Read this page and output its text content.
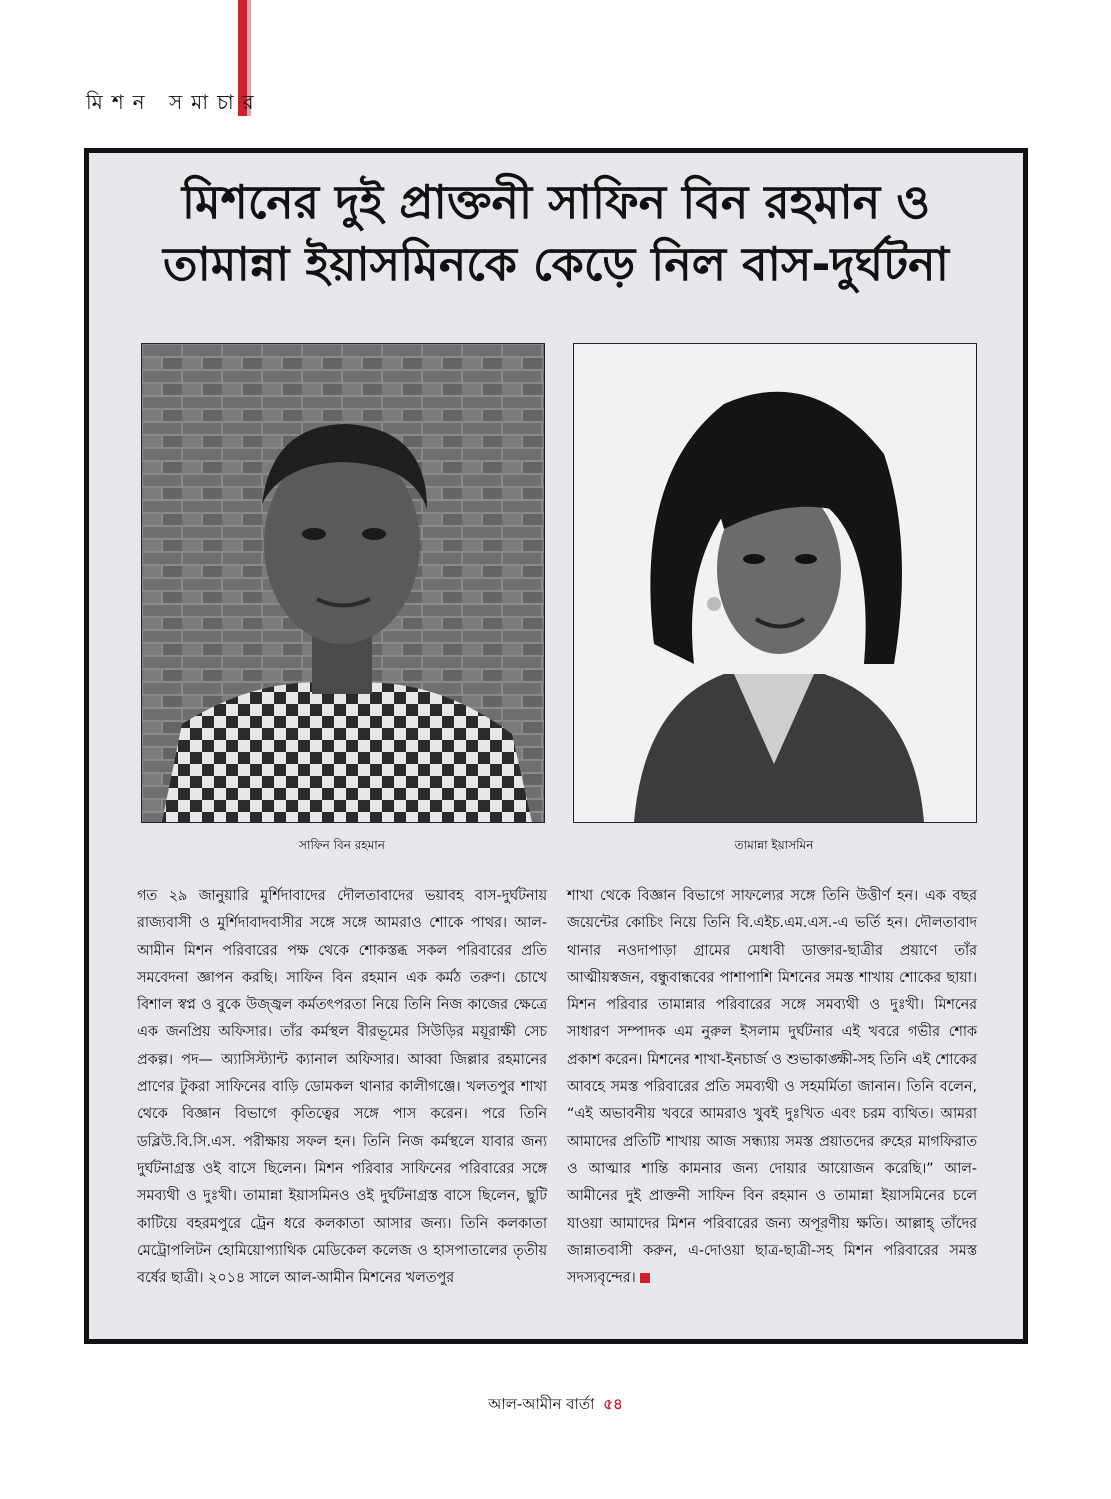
মিশন সমাচার
মিশনের দুই প্রাক্তনী সাফিন বিন রহমান ও
তামান্না ইয়াসমিনকে কেড়ে নিল বাস-দুর্ঘটনা
সাফিন বিন রহমান	তামান্না ইয়াসমিন
গত ২৯ জানুয়ারি মুর্শিদাবাদের দৌলতাবাদের ভয়াবহ বাস-দুর্ঘটনায় রাজ্যবাসী ও মুর্শিদাবাদবাসীর সঙ্গে সঙ্গে আমরাও শোকে পাথর। আল-আমীন মিশন পরিবারের পক্ষ থেকে শোকস্তব্ধ সকল পরিবারের প্রতি সমবেদনা জ্ঞাপন করছি। সাফিন বিন রহমান এক কর্মঠ তরুণ। চোখে বিশাল স্বপ্ন ও বুকে উজ্জ্বল কর্মতৎপরতা নিয়ে তিনি নিজ কাজের ক্ষেত্রে এক জনপ্রিয় অফিসার। তাঁর কর্মস্থল বীরভূমের সিউড়ির ময়ূরাক্ষী সেচ প্রকল্প। পদ— অ্যাসিস্ট্যান্ট ক্যানাল অফিসার। আব্বা জিল্লার রহমানের প্রাণের টুকরা সাফিনের বাড়ি ডোমকল থানার কালীগঞ্জে। খলতপুর শাখা থেকে বিজ্ঞান বিভাগে কৃতিত্বের সঙ্গে পাস করেন। পরে তিনি ডব্লিউ.বি.সি.এস. পরীক্ষায় সফল হন। তিনি নিজ কর্মস্থলে যাবার জন্য দুর্ঘটনাগ্রস্ত ওই বাসে ছিলেন। মিশন পরিবার সাফিনের পরিবারের সঙ্গে সমব্যথী ও দুঃখী। তামান্না ইয়াসমিনও ওই দুর্ঘটনাগ্রস্ত বাসে ছিলেন, ছুটি কাটিয়ে বহরমপুরে ট্রেন ধরে কলকাতা আসার জন্য। তিনি কলকাতা মেট্রোপলিটন হোমিয়োপ্যাথিক মেডিকেল কলেজ ও হাসপাতালের তৃতীয় বর্ষের ছাত্রী। ২০১৪ সালে আল-আমীন মিশনের খলতপুর
শাখা থেকে বিজ্ঞান বিভাগে সাফল্যের সঙ্গে তিনি উত্তীর্ণ হন। এক বছর জয়েন্টের কোচিং নিয়ে তিনি বি.এইচ.এম.এস.-এ ভর্তি হন। দৌলতাবাদ থানার নওদাপাড়া গ্রামের মেধাবী ডাক্তার-ছাত্রীর প্রয়াণে তাঁর আত্মীয়স্বজন, বন্ধুবান্ধবের পাশাপাশি মিশনের সমস্ত শাখায় শোকের ছায়া। মিশন পরিবার তামান্নার পরিবারের সঙ্গে সমব্যথী ও দুঃখী। মিশনের সাধারণ সম্পাদক এম নুরুল ইসলাম দুর্ঘটনার এই খবরে গভীর শোক প্রকাশ করেন। মিশনের শাখা-ইনচার্জ ও শুভাকাঙ্ক্ষী-সহ তিনি এই শোকের আবহে সমস্ত পরিবারের প্রতি সমব্যথী ও সহমর্মিতা জানান। তিনি বলেন, “এই অভাবনীয় খবরে আমরাও খুবই দুঃখিত এবং চরম ব্যথিত। আমরা আমাদের প্রতিটি শাখায় আজ সন্ধ্যায় সমস্ত প্রয়াতদের রুহের মাগফিরাত ও আত্মার শান্তি কামনার জন্য দোয়ার আয়োজন করেছি।” আল-আমীনের দুই প্রাক্তনী সাফিন বিন রহমান ও তামান্না ইয়াসমিনের চলে যাওয়া আমাদের মিশন পরিবারের জন্য অপূরণীয় ক্ষতি। আল্লাহ্‌ তাঁদের জান্নাতবাসী করুন, এ-দোওয়া ছাত্র-ছাত্রী-সহ মিশন পরিবারের সমস্ত সদস্যবৃন্দের।
আল-আমীন বার্তা ৫৪
